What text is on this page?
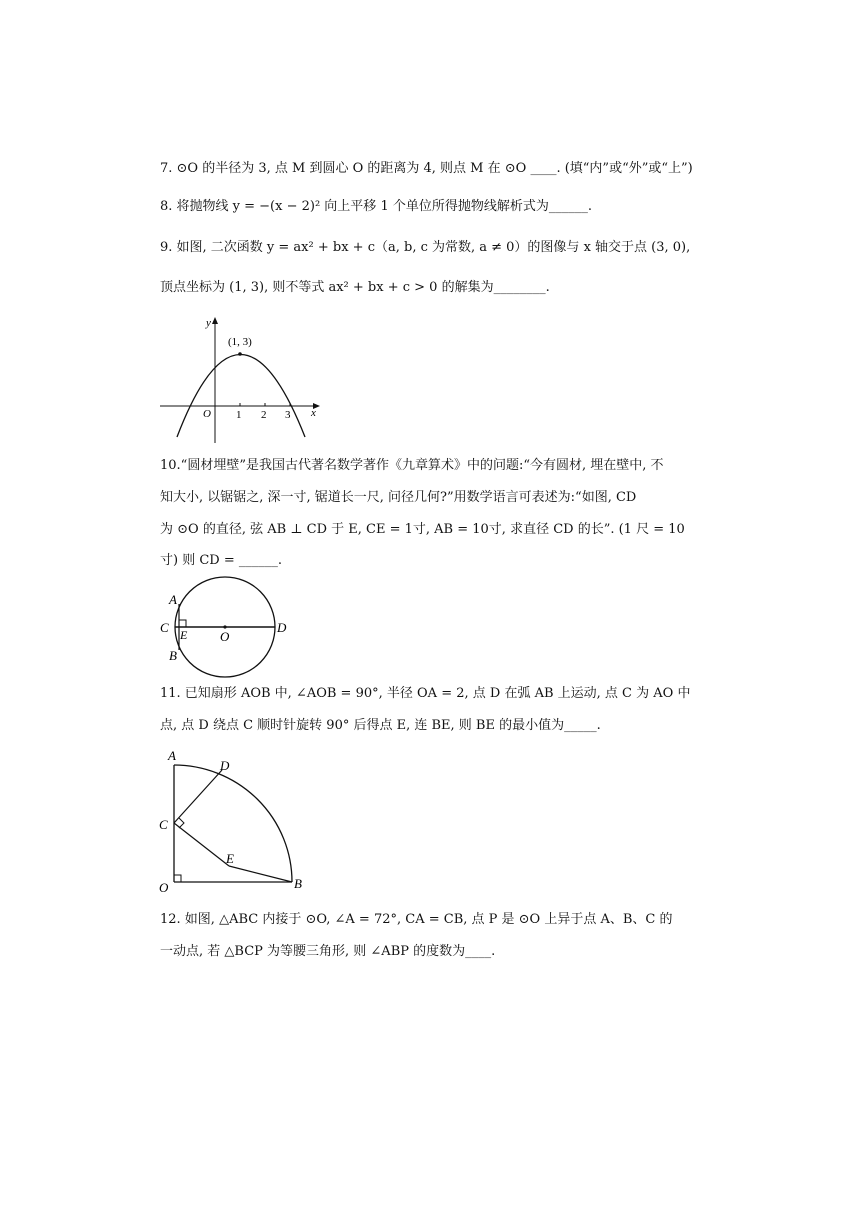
7. ⊙O 的半径为 3, 点 M 到圆心 O 的距离为 4, 则点 M 在 ⊙O ____. (填“内”或“外”或“上”)
8. 将抛物线 y = −(x − 2)² 向上平移 1 个单位所得抛物线解析式为______.
9. 如图, 二次函数 y = ax² + bx + c（a, b, c 为常数, a ≠ 0）的图像与 x 轴交于点 (3, 0),
顶点坐标为 (1, 3), 则不等式 ax² + bx + c > 0 的解集为________.
x
y
O 1 2 3
(1, 3)
10.“圆材埋壁”是我国古代著名数学著作《九章算术》中的问题:“今有圆材, 埋在壁中, 不
知大小, 以锯锯之, 深一寸, 锯道长一尺, 问径几何?”用数学语言可表述为:“如图, CD
为 ⊙O 的直径, 弦 AB ⊥ CD 于 E, CE = 1寸, AB = 10寸, 求直径 CD 的长”. (1 尺 = 10
寸) 则 CD = ______.
A
C E
B
O
D
11. 已知扇形 AOB 中, ∠AOB = 90°, 半径 OA = 2, 点 D 在弧 AB 上运动, 点 C 为 AO 中
点, 点 D 绕点 C 顺时针旋转 90° 后得点 E, 连 BE, 则 BE 的最小值为_____.
A
D
C
E
O	B
12. 如图, △ABC 内接于 ⊙O, ∠A = 72°, CA = CB, 点 P 是 ⊙O 上异于点 A、B、C 的
一动点, 若 △BCP 为等腰三角形, 则 ∠ABP 的度数为____.
